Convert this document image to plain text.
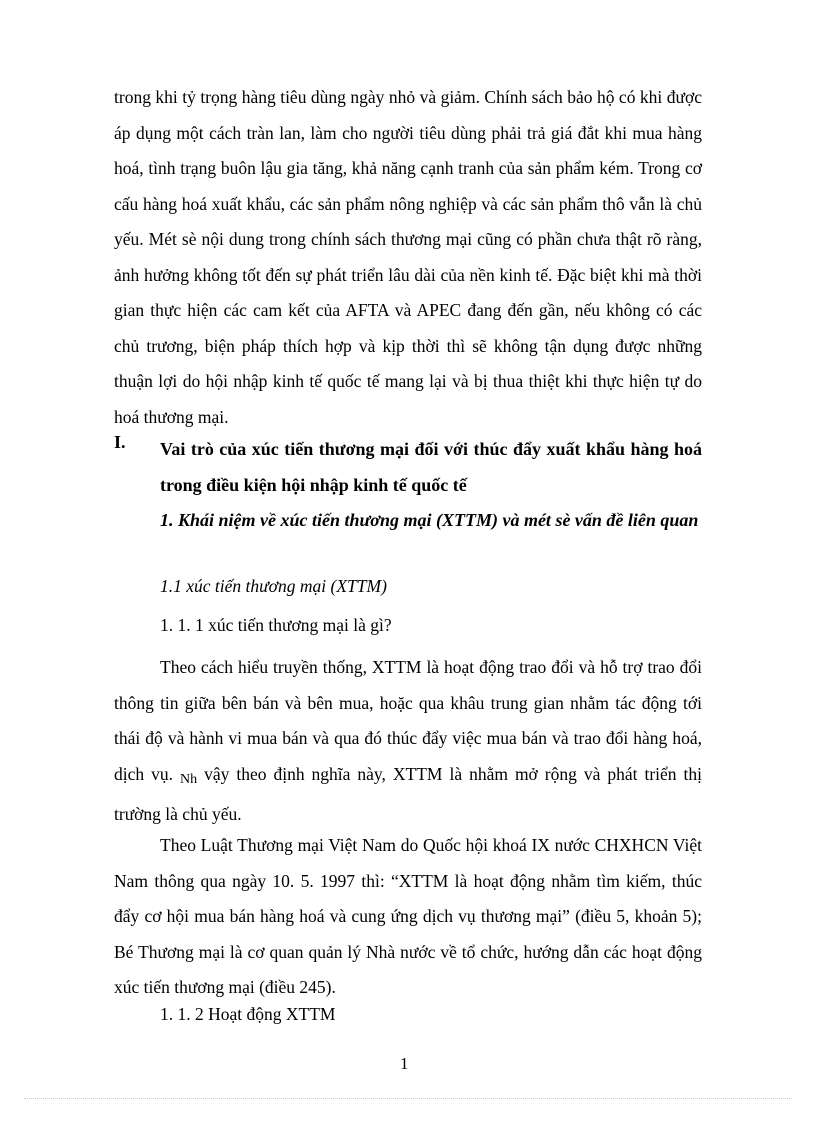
trong khi tỷ trọng hàng tiêu dùng ngày nhỏ và giảm. Chính sách bảo hộ có khi được áp dụng một cách tràn lan, làm cho người tiêu dùng phải trả giá đắt khi mua hàng hoá, tình trạng buôn lậu gia tăng, khả năng cạnh tranh của sản phẩm kém. Trong cơ cấu hàng hoá xuất khẩu, các sản phẩm nông nghiệp và các sản phẩm thô vẫn là chủ yếu. Mét sè nội dung trong chính sách thương mại cũng có phần chưa thật rõ ràng, ảnh hưởng không tốt đến sự phát triển lâu dài của nền kinh tế. Đặc biệt khi mà thời gian thực hiện các cam kết của AFTA và APEC đang đến gần, nếu không có các chủ trương, biện pháp thích hợp và kịp thời thì sẽ không tận dụng được những thuận lợi do hội nhập kinh tế quốc tế mang lại và bị thua thiệt khi thực hiện tự do hoá thương mại.

I. Vai trò của xúc tiến thương mại đối với thúc đẩy xuất khẩu hàng hoá trong điều kiện hội nhập kinh tế quốc tế

1. Khái niệm về xúc tiến thương mại (XTTM) và mét sè vấn đề liên quan

1.1 xúc tiến thương mại (XTTM)
1. 1. 1 xúc tiến thương mại là gì?

Theo cách hiểu truyền thống, XTTM là hoạt động trao đổi và hỗ trợ trao đổi thông tin giữa bên bán và bên mua, hoặc qua khâu trung gian nhằm tác động tới thái độ và hành vi mua bán và qua đó thúc đẩy việc mua bán và trao đổi hàng hoá, dịch vụ. Nh vậy theo định nghĩa này, XTTM là nhằm mở rộng và phát triển thị trường là chủ yếu.

Theo Luật Thương mại Việt Nam do Quốc hội khoá IX nước CHXHCN Việt Nam thông qua ngày 10. 5. 1997 thì: “XTTM là hoạt động nhằm tìm kiếm, thúc đẩy cơ hội mua bán hàng hoá và cung ứng dịch vụ thương mại” (điều 5, khoản 5); Bé Thương mại là cơ quan quản lý Nhà nước về tổ chức, hướng dẫn các hoạt động xúc tiến thương mại (điều 245).

1. 1. 2 Hoạt động XTTM
1
